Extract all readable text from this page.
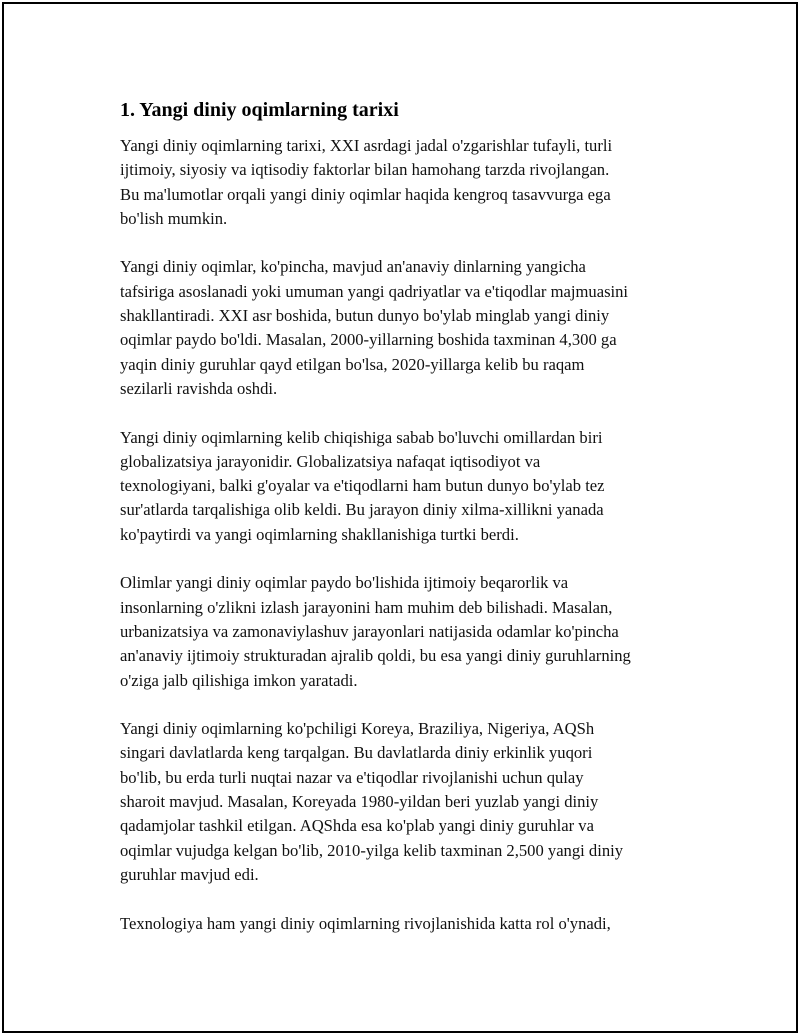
1. Yangi diniy oqimlarning tarixi

Yangi diniy oqimlarning tarixi, XXI asrdagi jadal o'zgarishlar tufayli, turli
ijtimoiy, siyosiy va iqtisodiy faktorlar bilan hamohang tarzda rivojlangan.
Bu ma'lumotlar orqali yangi diniy oqimlar haqida kengroq tasavvurga ega
bo'lish mumkin.

Yangi diniy oqimlar, ko'pincha, mavjud an'anaviy dinlarning yangicha
tafsiriga asoslanadi yoki umuman yangi qadriyatlar va e'tiqodlar majmuasini
shakllantiradi. XXI asr boshida, butun dunyo bo'ylab minglab yangi diniy
oqimlar paydo bo'ldi. Masalan, 2000-yillarning boshida taxminan 4,300 ga
yaqin diniy guruhlar qayd etilgan bo'lsa, 2020-yillarga kelib bu raqam
sezilarli ravishda oshdi.

Yangi diniy oqimlarning kelib chiqishiga sabab bo'luvchi omillardan biri
globalizatsiya jarayonidir. Globalizatsiya nafaqat iqtisodiyot va
texnologiyani, balki g'oyalar va e'tiqodlarni ham butun dunyo bo'ylab tez
sur'atlarda tarqalishiga olib keldi. Bu jarayon diniy xilma-xillikni yanada
ko'paytirdi va yangi oqimlarning shakllanishiga turtki berdi.

Olimlar yangi diniy oqimlar paydo bo'lishida ijtimoiy beqarorlik va
insonlarning o'zlikni izlash jarayonini ham muhim deb bilishadi. Masalan,
urbanizatsiya va zamonaviylashuv jarayonlari natijasida odamlar ko'pincha
an'anaviy ijtimoiy strukturadan ajralib qoldi, bu esa yangi diniy guruhlarning
o'ziga jalb qilishiga imkon yaratadi.

Yangi diniy oqimlarning ko'pchiligi Koreya, Braziliya, Nigeriya, AQSh
singari davlatlarda keng tarqalgan. Bu davlatlarda diniy erkinlik yuqori
bo'lib, bu erda turli nuqtai nazar va e'tiqodlar rivojlanishi uchun qulay
sharoit mavjud. Masalan, Koreyada 1980-yildan beri yuzlab yangi diniy
qadamjolar tashkil etilgan. AQShda esa ko'plab yangi diniy guruhlar va
oqimlar vujudga kelgan bo'lib, 2010-yilga kelib taxminan 2,500 yangi diniy
guruhlar mavjud edi.

Texnologiya ham yangi diniy oqimlarning rivojlanishida katta rol o'ynadi,
